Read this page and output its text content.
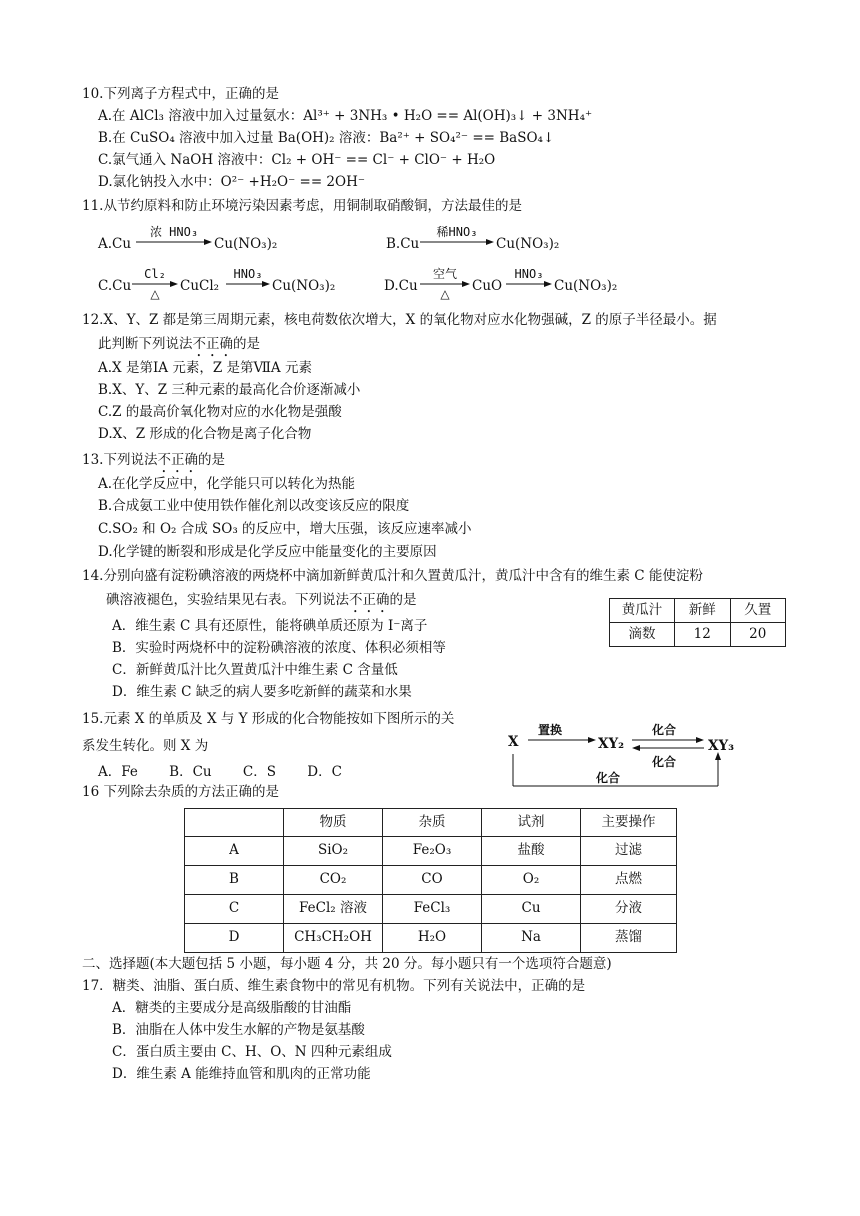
10.下列离子方程式中，正确的是
A.在 AlCl₃ 溶液中加入过量氨水：Al³⁺ + 3NH₃ • H₂O == Al(OH)₃↓ + 3NH₄⁺
B.在 CuSO₄ 溶液中加入过量 Ba(OH)₂ 溶液：Ba²⁺ + SO₄²⁻ == BaSO₄↓
C.氯气通入 NaOH 溶液中：Cl₂ + OH⁻ == Cl⁻ + ClO⁻ + H₂O
D.氯化钠投入水中：O²⁻ +H₂O⁻ == 2OH⁻
11.从节约原料和防止环境污染因素考虑，用铜制取硝酸铜，方法最佳的是
A.Cu
浓 HNO₃
Cu(NO₃)₂	B.Cu
稀HNO₃
Cu(NO₃)₂
C.Cu
Cl₂
△	CuCl₂
HNO₃
Cu(NO₃)₂	D.Cu
空气
△	CuO
HNO₃
Cu(NO₃)₂
12.X、Y、Z 都是第三周期元素，核电荷数依次增大，X 的氧化物对应水化物强碱，Z 的原子半径最小。据
此判断下列说法不正确的是
A.X 是第ⅠA 元素，Z 是第ⅦA 元素
B.X、Y、Z 三种元素的最高化合价逐渐减小
C.Z 的最高价氧化物对应的水化物是强酸
D.X、Z 形成的化合物是离子化合物
13.下列说法不正确的是
A.在化学反应中，化学能只可以转化为热能
B.合成氨工业中使用铁作催化剂以改变该反应的限度
C.SO₂ 和 O₂ 合成 SO₃ 的反应中，增大压强，该反应速率减小
D.化学键的断裂和形成是化学反应中能量变化的主要原因
14.分别向盛有淀粉碘溶液的两烧杯中滴加新鲜黄瓜汁和久置黄瓜汁，黄瓜汁中含有的维生素 C 能使淀粉
碘溶液褪色，实验结果见右表。下列说法不正确的是
A．维生素 C 具有还原性，能将碘单质还原为 I⁻离子
B．实验时两烧杯中的淀粉碘溶液的浓度、体积必须相等
C．新鲜黄瓜汁比久置黄瓜汁中维生素 C 含量低
D．维生素 C 缺乏的病人要多吃新鲜的蔬菜和水果
黄瓜汁	新鲜	久置
滴数	12	20
15.元素 X 的单质及 X 与 Y 形成的化合物能按如下图所示的关
系发生转化。则 X 为
A．Fe　　 B．Cu　　 C．S　　 D．C
X	XY₂	XY₃
置换	化合
化合
化合
16 下列除去杂质的方法正确的是
	物质	杂质	试剂	主要操作
A	SiO₂	Fe₂O₃	盐酸	过滤
B	CO₂	CO	O₂	点燃
C	FeCl₂ 溶液	FeCl₃	Cu	分液
D	CH₃CH₂OH	H₂O	Na	蒸馏
二、选择题(本大题包括 5 小题，每小题 4 分，共 20 分。每小题只有一个选项符合题意)
17．糖类、油脂、蛋白质、维生素食物中的常见有机物。下列有关说法中，正确的是
A．糖类的主要成分是高级脂酸的甘油酯
B．油脂在人体中发生水解的产物是氨基酸
C．蛋白质主要由 C、H、O、N 四种元素组成
D．维生素 A 能维持血管和肌肉的正常功能
